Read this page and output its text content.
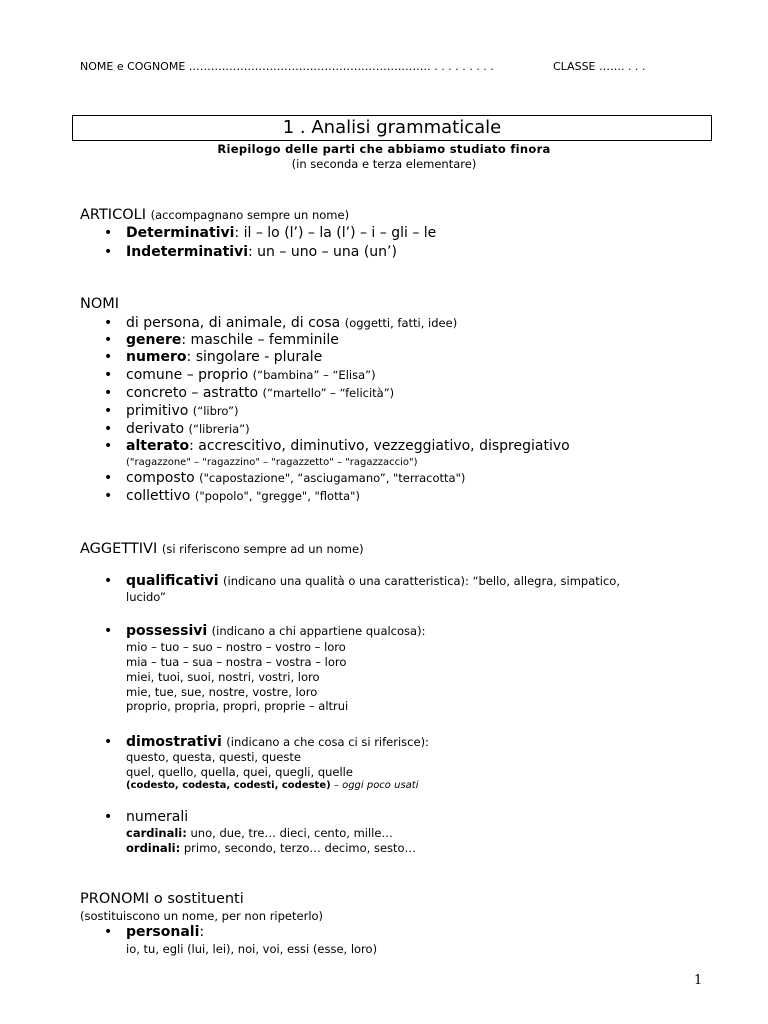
NOME e COGNOME ………………………………………………………… . . . . . . . . .	CLASSE ……. . . .
1 . Analisi grammaticale
Riepilogo delle parti che abbiamo studiato finora
(in seconda e terza elementare)
ARTICOLI (accompagnano sempre un nome)
• Determinativi: il – lo (l’) – la (l’) – i – gli – le
• Indeterminativi: un – uno – una (un’)
NOMI
• di persona, di animale, di cosa (oggetti, fatti, idee)
• genere: maschile – femminile
• numero: singolare - plurale
• comune – proprio (“bambina” – “Elisa”)
• concreto – astratto (“martello” – “felicità”)
• primitivo (“libro”)
• derivato (“libreria”)
• alterato: accrescitivo, diminutivo, vezzeggiativo, dispregiativo
("ragazzone" – "ragazzino" – "ragazzetto" – "ragazzaccio")
• composto ("capostazione", “asciugamano”, "terracotta")
• collettivo ("popolo", "gregge", "flotta")
AGGETTIVI (si riferiscono sempre ad un nome)
• qualificativi (indicano una qualità o una caratteristica): “bello, allegra, simpatico,
lucido”
• possessivi (indicano a chi appartiene qualcosa):
mio – tuo – suo – nostro – vostro – loro
mia – tua – sua – nostra – vostra – loro
miei, tuoi, suoi, nostri, vostri, loro
mie, tue, sue, nostre, vostre, loro
proprio, propria, propri, proprie – altrui
• dimostrativi (indicano a che cosa ci si riferisce):
questo, questa, questi, queste
quel, quello, quella, quei, quegli, quelle
(codesto, codesta, codesti, codeste) – oggi poco usati
• numerali
cardinali: uno, due, tre… dieci, cento, mille…
ordinali: primo, secondo, terzo… decimo, sesto…
PRONOMI o sostituenti
(sostituiscono un nome, per non ripeterlo)
• personali:
io, tu, egli (lui, lei), noi, voi, essi (esse, loro)
1
